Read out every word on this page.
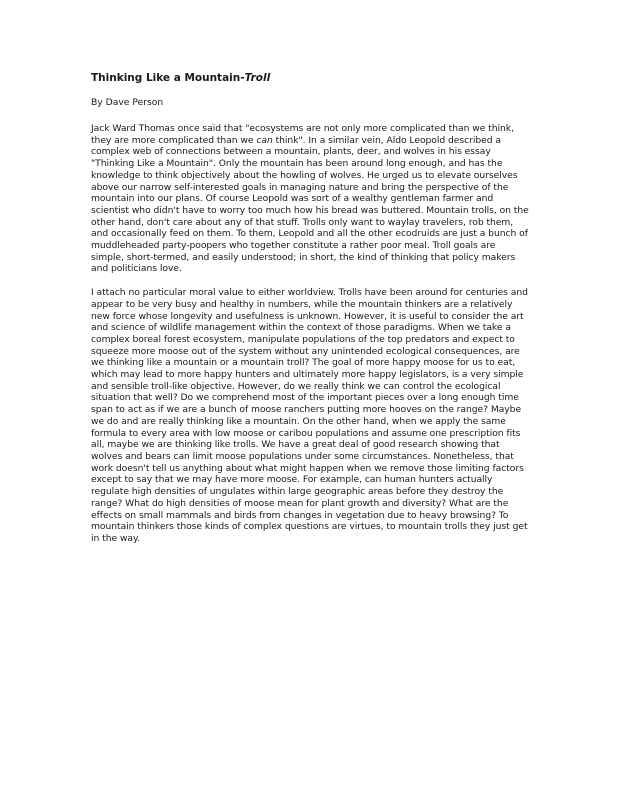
Thinking Like a Mountain-Troll

By Dave Person

Jack Ward Thomas once said that "ecosystems are not only more complicated than we think, they are more complicated than we can think". In a similar vein, Aldo Leopold described a complex web of connections between a mountain, plants, deer, and wolves in his essay "Thinking Like a Mountain". Only the mountain has been around long enough, and has the knowledge to think objectively about the howling of wolves. He urged us to elevate ourselves above our narrow self-interested goals in managing nature and bring the perspective of the mountain into our plans. Of course Leopold was sort of a wealthy gentleman farmer and scientist who didn't have to worry too much how his bread was buttered. Mountain trolls, on the other hand, don't care about any of that stuff. Trolls only want to waylay travelers, rob them, and occasionally feed on them. To them, Leopold and all the other ecodruids are just a bunch of muddleheaded party-poopers who together constitute a rather poor meal. Troll goals are simple, short-termed, and easily understood; in short, the kind of thinking that policy makers and politicians love.

I attach no particular moral value to either worldview. Trolls have been around for centuries and appear to be very busy and healthy in numbers, while the mountain thinkers are a relatively new force whose longevity and usefulness is unknown. However, it is useful to consider the art and science of wildlife management within the context of those paradigms. When we take a complex boreal forest ecosystem, manipulate populations of the top predators and expect to squeeze more moose out of the system without any unintended ecological consequences, are we thinking like a mountain or a mountain troll? The goal of more happy moose for us to eat, which may lead to more happy hunters and ultimately more happy legislators, is a very simple and sensible troll-like objective. However, do we really think we can control the ecological situation that well? Do we comprehend most of the important pieces over a long enough time span to act as if we are a bunch of moose ranchers putting more hooves on the range? Maybe we do and are really thinking like a mountain. On the other hand, when we apply the same formula to every area with low moose or caribou populations and assume one prescription fits all, maybe we are thinking like trolls. We have a great deal of good research showing that wolves and bears can limit moose populations under some circumstances. Nonetheless, that work doesn't tell us anything about what might happen when we remove those limiting factors except to say that we may have more moose. For example, can human hunters actually regulate high densities of ungulates within large geographic areas before they destroy the range? What do high densities of moose mean for plant growth and diversity? What are the effects on small mammals and birds from changes in vegetation due to heavy browsing? To mountain thinkers those kinds of complex questions are virtues, to mountain trolls they just get in the way.
